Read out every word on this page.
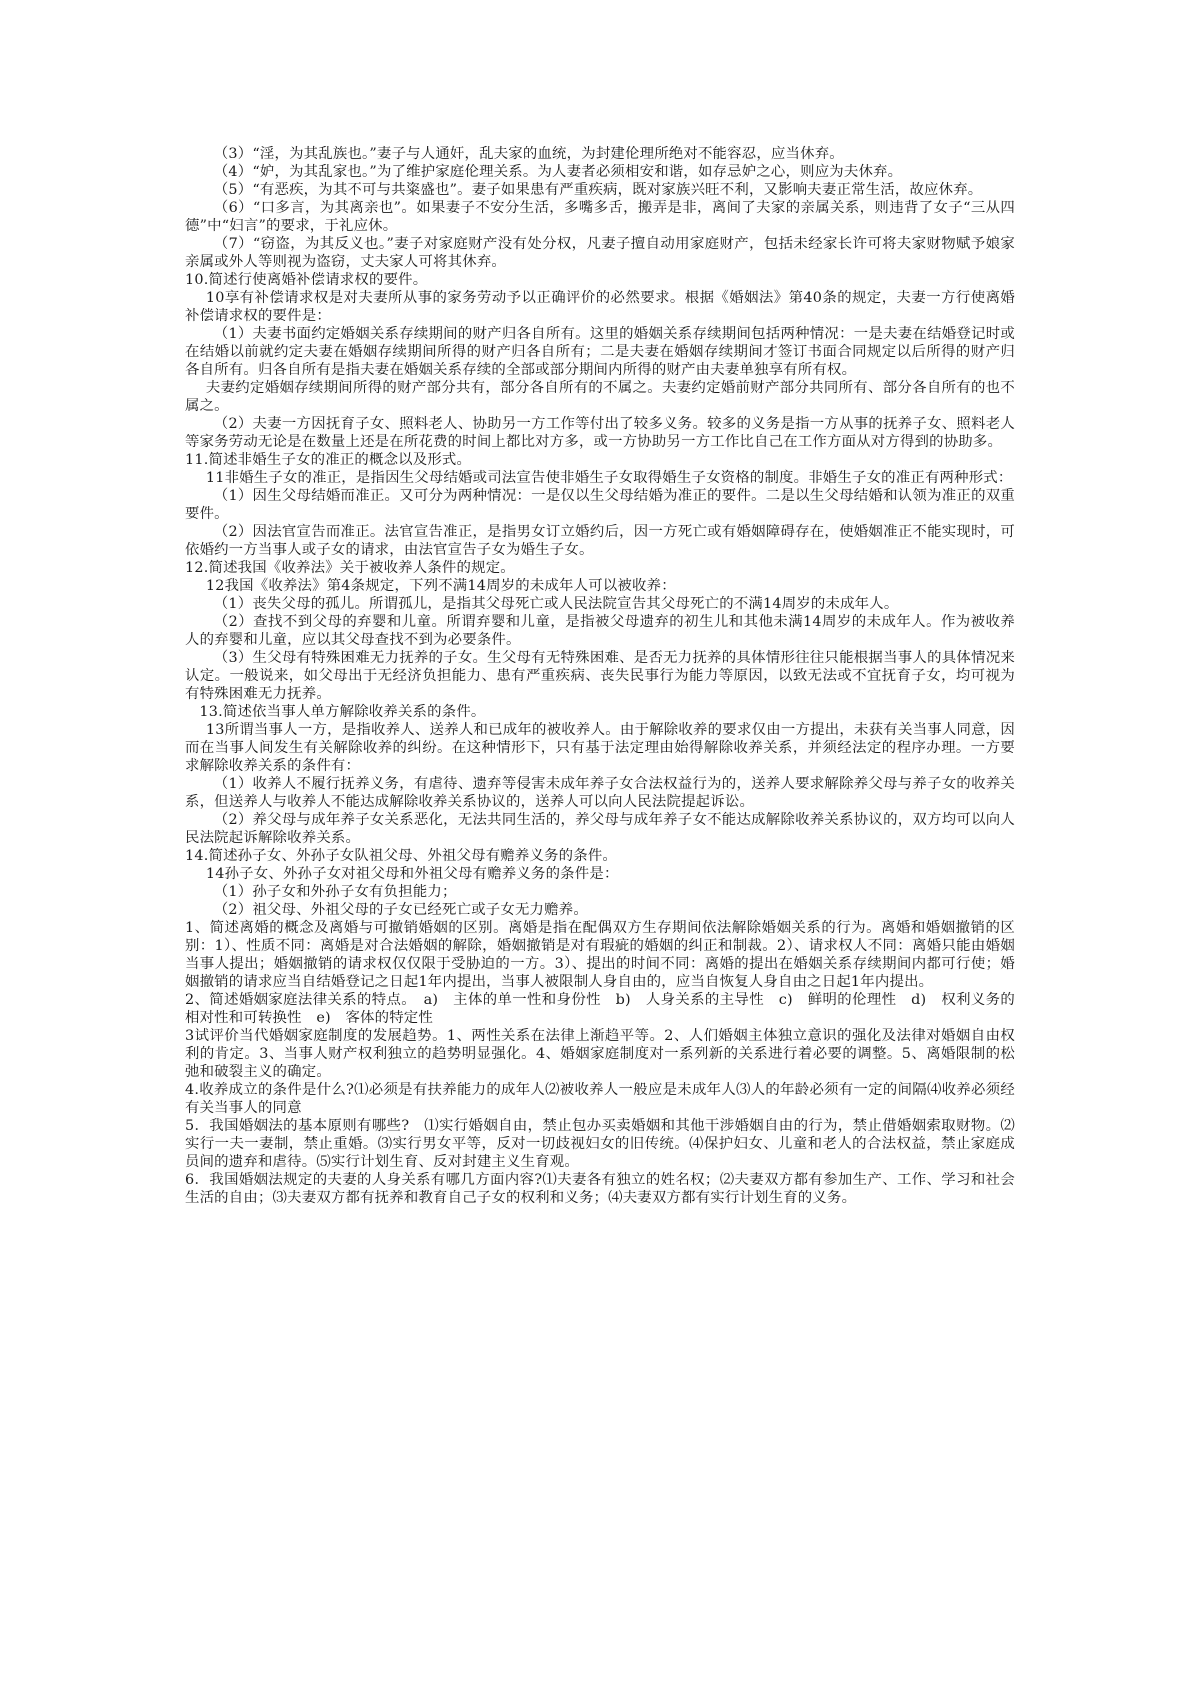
（3）“淫，为其乱族也。”妻子与人通奸，乱夫家的血统，为封建伦理所绝对不能容忍，应当休弃。

（4）“妒，为其乱家也。”为了维护家庭伦理关系。为人妻者必须相安和谐，如存忌妒之心，则应为夫休弃。

（5）“有恶疾，为其不可与共粢盛也”。妻子如果患有严重疾病，既对家族兴旺不利，又影响夫妻正常生活，故应休弃。

（6）“口多言，为其离亲也”。如果妻子不安分生活，多嘴多舌，搬弄是非，离间了夫家的亲属关系，则违背了女子“三从四德”中“妇言”的要求，于礼应休。

（7）“窃盗，为其反义也。”妻子对家庭财产没有处分权，凡妻子擅自动用家庭财产，包括未经家长许可将夫家财物赋予娘家亲属或外人等则视为盗窃，丈夫家人可将其休弃。

10.简述行使离婚补偿请求权的要件。

10享有补偿请求权是对夫妻所从事的家务劳动予以正确评价的必然要求。根据《婚姻法》第40条的规定，夫妻一方行使离婚补偿请求权的要件是：

（1）夫妻书面约定婚姻关系存续期间的财产归各自所有。这里的婚姻关系存续期间包括两种情况：一是夫妻在结婚登记时或在结婚以前就约定夫妻在婚姻存续期间所得的财产归各自所有；二是夫妻在婚姻存续期间才签订书面合同规定以后所得的财产归各自所有。归各自所有是指夫妻在婚姻关系存续的全部或部分期间内所得的财产由夫妻单独享有所有权。

夫妻约定婚姻存续期间所得的财产部分共有，部分各自所有的不属之。夫妻约定婚前财产部分共同所有、部分各自所有的也不属之。

（2）夫妻一方因抚育子女、照料老人、协助另一方工作等付出了较多义务。较多的义务是指一方从事的抚养子女、照料老人等家务劳动无论是在数量上还是在所花费的时间上都比对方多，或一方协助另一方工作比自己在工作方面从对方得到的协助多。

11.简述非婚生子女的准正的概念以及形式。

11非婚生子女的准正，是指因生父母结婚或司法宣告使非婚生子女取得婚生子女资格的制度。非婚生子女的准正有两种形式：

（1）因生父母结婚而准正。又可分为两种情况：一是仅以生父母结婚为准正的要件。二是以生父母结婚和认领为准正的双重要件。

（2）因法官宣告而准正。法官宣告准正，是指男女订立婚约后，因一方死亡或有婚姻障碍存在，使婚姻准正不能实现时，可依婚约一方当事人或子女的请求，由法官宣告子女为婚生子女。

12.简述我国《收养法》关于被收养人条件的规定。

12我国《收养法》第4条规定，下列不满14周岁的未成年人可以被收养：

（1）丧失父母的孤儿。所谓孤儿，是指其父母死亡或人民法院宣告其父母死亡的不满14周岁的未成年人。

（2）查找不到父母的弃婴和儿童。所谓弃婴和儿童，是指被父母遗弃的初生儿和其他未满14周岁的未成年人。作为被收养人的弃婴和儿童，应以其父母查找不到为必要条件。

（3）生父母有特殊困难无力抚养的子女。生父母有无特殊困难、是否无力抚养的具体情形往往只能根据当事人的具体情况来认定。一般说来，如父母出于无经济负担能力、患有严重疾病、丧失民事行为能力等原因，以致无法或不宜抚育子女，均可视为有特殊困难无力抚养。

13.简述依当事人单方解除收养关系的条件。

13所谓当事人一方，是指收养人、送养人和已成年的被收养人。由于解除收养的要求仅由一方提出，未获有关当事人同意，因而在当事人间发生有关解除收养的纠纷。在这种情形下，只有基于法定理由始得解除收养关系，并须经法定的程序办理。一方要求解除收养关系的条件有：

（1）收养人不履行抚养义务，有虐待、遗弃等侵害未成年养子女合法权益行为的，送养人要求解除养父母与养子女的收养关系，但送养人与收养人不能达成解除收养关系协议的，送养人可以向人民法院提起诉讼。

（2）养父母与成年养子女关系恶化，无法共同生活的，养父母与成年养子女不能达成解除收养关系协议的，双方均可以向人民法院起诉解除收养关系。

14.简述孙子女、外孙子女队祖父母、外祖父母有赡养义务的条件。

14孙子女、外孙子女对祖父母和外祖父母有赡养义务的条件是：

（1）孙子女和外孙子女有负担能力；

（2）祖父母、外祖父母的子女已经死亡或子女无力赡养。

1、简述离婚的概念及离婚与可撤销婚姻的区别。离婚是指在配偶双方生存期间依法解除婚姻关系的行为。离婚和婚姻撤销的区别：1）、性质不同：离婚是对合法婚姻的解除，婚姻撤销是对有瑕疵的婚姻的纠正和制裁。2）、请求权人不同：离婚只能由婚姻当事人提出；婚姻撤销的请求权仅仅限于受胁迫的一方。3）、提出的时间不同：离婚的提出在婚姻关系存续期间内都可行使；婚姻撤销的请求应当自结婚登记之日起1年内提出，当事人被限制人身自由的，应当自恢复人身自由之日起1年内提出。

2、简述婚姻家庭法律关系的特点。　a)　主体的单一性和身份性　b)　人身关系的主导性　c)　鲜明的伦理性　d)　权利义务的相对性和可转换性　e)　客体的特定性

3试评价当代婚姻家庭制度的发展趋势。1、两性关系在法律上渐趋平等。2、人们婚姻主体独立意识的强化及法律对婚姻自由权利的肯定。3、当事人财产权利独立的趋势明显强化。4、婚姻家庭制度对一系列新的关系进行着必要的调整。5、离婚限制的松弛和破裂主义的确定。

4.收养成立的条件是什么?⑴必须是有扶养能力的成年人⑵被收养人一般应是未成年人⑶人的年龄必须有一定的间隔⑷收养必须经有关当事人的同意

5．我国婚姻法的基本原则有哪些?　⑴实行婚姻自由，禁止包办买卖婚姻和其他干涉婚姻自由的行为，禁止借婚姻索取财物。⑵实行一夫一妻制，禁止重婚。⑶实行男女平等，反对一切歧视妇女的旧传统。⑷保护妇女、儿童和老人的合法权益，禁止家庭成员间的遗弃和虐待。⑸实行计划生育、反对封建主义生育观。

6．我国婚姻法规定的夫妻的人身关系有哪几方面内容?⑴夫妻各有独立的姓名权；⑵夫妻双方都有参加生产、工作、学习和社会生活的自由；⑶夫妻双方都有抚养和教育自己子女的权利和义务；⑷夫妻双方都有实行计划生育的义务。
